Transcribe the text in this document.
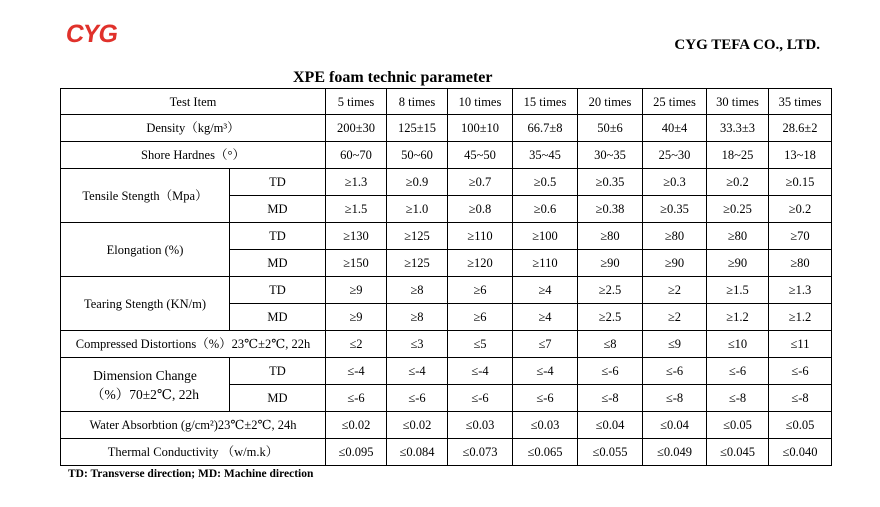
CYG	CYG TEFA CO., LTD.
XPE foam technic parameter
Test Item		5 times	8 times	10 times	15 times	20 times	25 times	30 times	35 times
Density（kg/m³）		200±30	125±15	100±10	66.7±8	50±6	40±4	33.3±3	28.6±2
Shore Hardnes（°）		60~70	50~60	45~50	35~45	30~35	25~30	18~25	13~18

Tensile Stength（Mpa）	TD	≥1.3	≥0.9	≥0.7	≥0.5	≥0.35	≥0.3	≥0.2	≥0.15
	MD	≥1.5	≥1.0	≥0.8	≥0.6	≥0.38	≥0.35	≥0.25	≥0.2

Elongation (%)	TD	≥130	≥125	≥110	≥100	≥80	≥80	≥80	≥70
	MD	≥150	≥125	≥120	≥110	≥90	≥90	≥90	≥80

Tearing Stength (KN/m)	TD	≥9	≥8	≥6	≥4	≥2.5	≥2	≥1.5	≥1.3
	MD	≥9	≥8	≥6	≥4	≥2.5	≥2	≥1.2	≥1.2
Compressed Distortions（%）23℃±2℃, 22h		≤2	≤3	≤5	≤7	≤8	≤9	≤10	≤11

Dimension Change
（%）70±2℃, 22h	TD	≤-4	≤-4	≤-4	≤-4	≤-6	≤-6	≤-6	≤-6
	MD	≤-6	≤-6	≤-6	≤-6	≤-8	≤-8	≤-8	≤-8
Water Absorbtion (g/cm²)23℃±2℃, 24h		≤0.02	≤0.02	≤0.03	≤0.03	≤0.04	≤0.04	≤0.05	≤0.05
Thermal Conductivity （w/m.k）		≤0.095	≤0.084	≤0.073	≤0.065	≤0.055	≤0.049	≤0.045	≤0.040
TD: Transverse direction; MD: Machine direction
